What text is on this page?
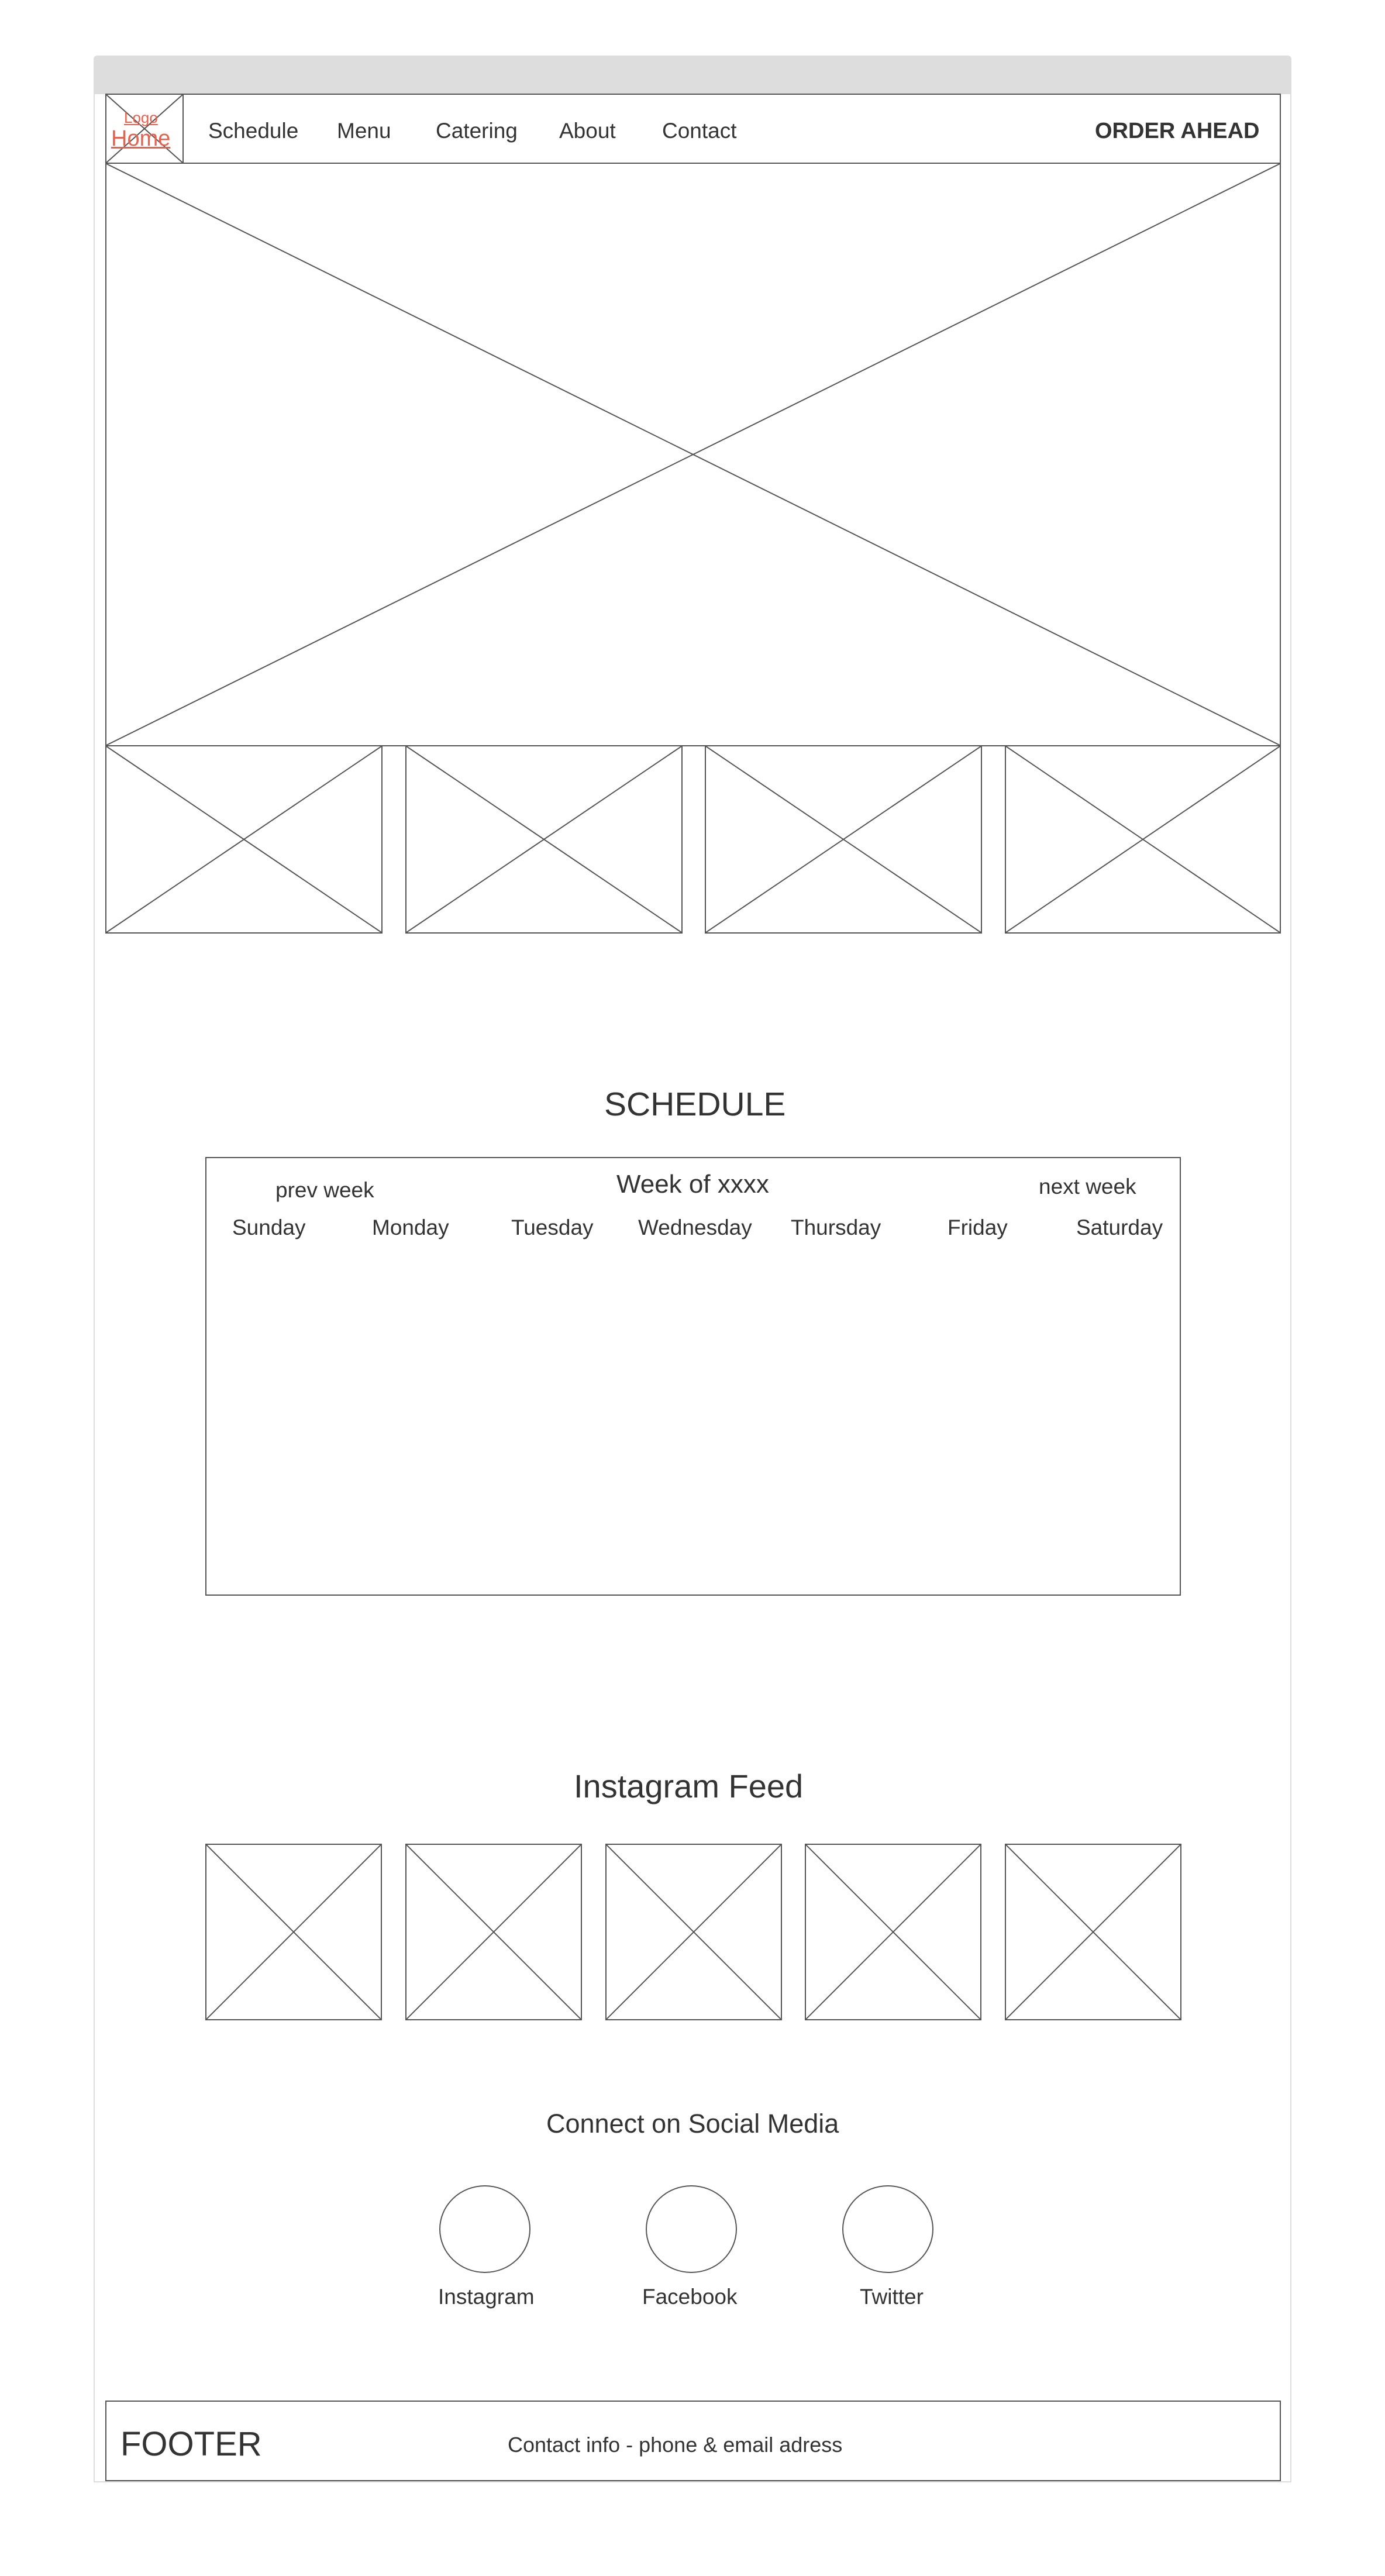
Logo
Home Schedule Menu Catering About Contact	ORDER AHEAD
SCHEDULE
prev week	Week of xxxx	next week
Sunday	Monday	Tuesday Wednesday Thursday	Friday	Saturday
Instagram Feed
Connect on Social Media
Instagram	Facebook	Twitter
FOOTER	Contact info - phone & email adress
